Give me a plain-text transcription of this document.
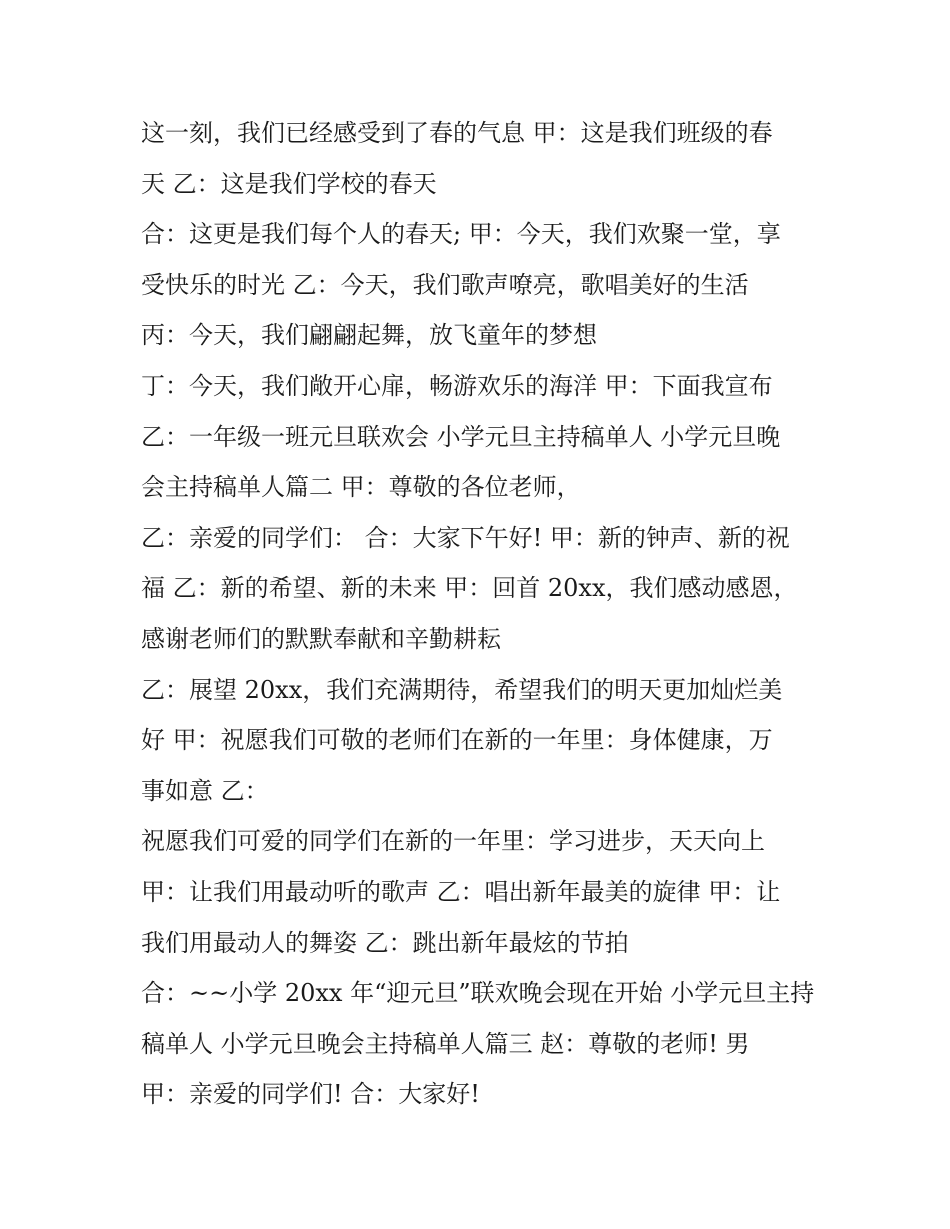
这一刻，我们已经感受到了春的气息 甲：这是我们班级的春
天 乙：这是我们学校的春天
合：这更是我们每个人的春天; 甲：今天，我们欢聚一堂，享
受快乐的时光 乙：今天，我们歌声嘹亮，歌唱美好的生活
丙：今天，我们翩翩起舞，放飞童年的梦想
丁：今天，我们敞开心扉，畅游欢乐的海洋 甲：下面我宣布
乙：一年级一班元旦联欢会 小学元旦主持稿单人 小学元旦晚
会主持稿单人篇二 甲：尊敬的各位老师，
乙：亲爱的同学们： 合：大家下午好! 甲：新的钟声、新的祝
福 乙：新的希望、新的未来 甲：回首 20xx，我们感动感恩，
感谢老师们的默默奉献和辛勤耕耘
乙：展望 20xx，我们充满期待，希望我们的明天更加灿烂美
好 甲：祝愿我们可敬的老师们在新的一年里：身体健康，万
事如意 乙：
祝愿我们可爱的同学们在新的一年里：学习进步，天天向上
甲：让我们用最动听的歌声 乙：唱出新年最美的旋律 甲：让
我们用最动人的舞姿 乙：跳出新年最炫的节拍
合：~~小学 20xx 年“迎元旦”联欢晚会现在开始 小学元旦主持
稿单人 小学元旦晚会主持稿单人篇三 赵：尊敬的老师! 男
甲：亲爱的同学们! 合：大家好!
